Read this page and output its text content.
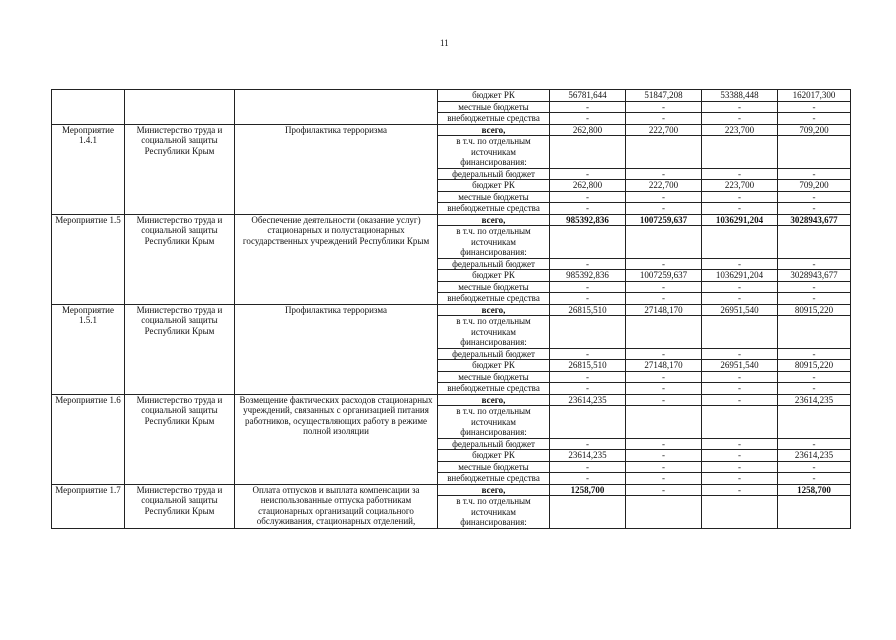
11
			бюджет РК	56781,644	51847,208	53388,448	162017,300
			местные бюджеты	-	-	-	-
			внебюджетные средства	-	-	-	-
Мероприятие 1.4.1	Министерство труда и социальной защиты Республики Крым	Профилактика терроризма	всего,	262,800	222,700	223,700	709,200
			в т.ч. по отдельным источникам финансирования:				
			федеральный бюджет	-	-	-	-
			бюджет РК	262,800	222,700	223,700	709,200
			местные бюджеты	-	-	-	-
			внебюджетные средства	-	-	-	-
Мероприятие 1.5	Министерство труда и социальной защиты Республики Крым	Обеспечение деятельности (оказание услуг) стационарных и полустационарных государственных учреждений Республики Крым	всего,	985392,836	1007259,637	1036291,204	3028943,677
			в т.ч. по отдельным источникам финансирования:				
			федеральный бюджет	-	-	-	-
			бюджет РК	985392,836	1007259,637	1036291,204	3028943,677
			местные бюджеты	-	-	-	-
			внебюджетные средства	-	-	-	-
Мероприятие 1.5.1	Министерство труда и социальной защиты Республики Крым	Профилактика терроризма	всего,	26815,510	27148,170	26951,540	80915,220
			в т.ч. по отдельным источникам финансирования:				
			федеральный бюджет	-	-	-	-
			бюджет РК	26815,510	27148,170	26951,540	80915,220
			местные бюджеты	-	-	-	-
			внебюджетные средства	-	-	-	-
Мероприятие 1.6	Министерство труда и социальной защиты Республики Крым	Возмещение фактических расходов стационарных учреждений, связанных с организацией питания работников, осуществляющих работу в режиме полной изоляции	всего,	23614,235	-	-	23614,235
			в т.ч. по отдельным источникам финансирования:				
			федеральный бюджет	-	-	-	-
			бюджет РК	23614,235	-	-	23614,235
			местные бюджеты	-	-	-	-
			внебюджетные средства	-	-	-	-
Мероприятие 1.7	Министерство труда и социальной защиты Республики Крым	Оплата отпусков и выплата компенсации за неиспользованные отпуска работникам стационарных организаций социального обслуживания, стационарных отделений,	всего,	1258,700	-	-	1258,700
			в т.ч. по отдельным источникам финансирования:				
